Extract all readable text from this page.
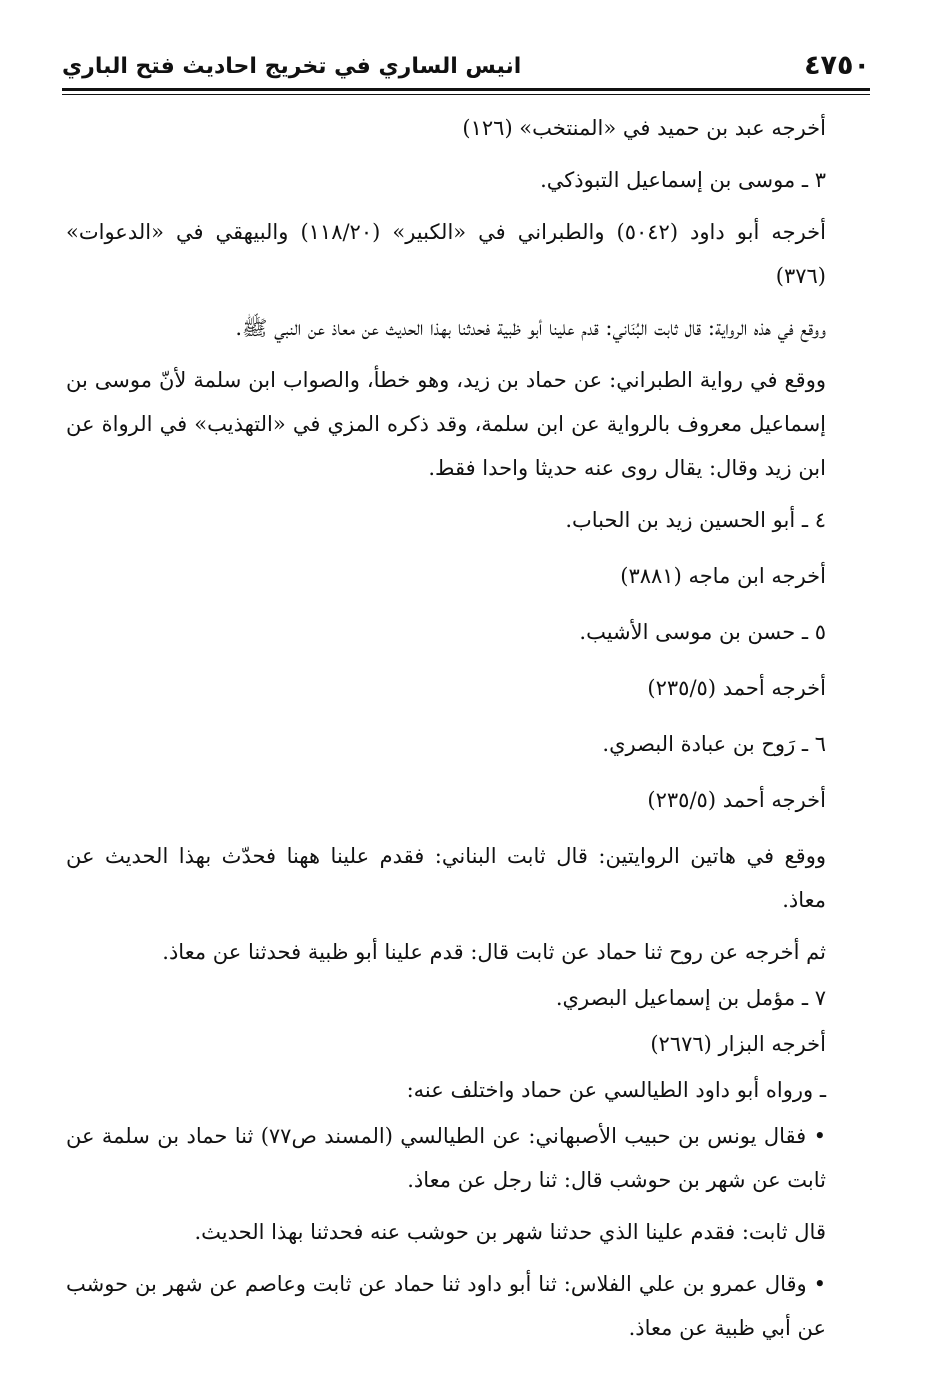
٤٧٥٠
انيس الساري في تخريج احاديث فتح الباري

أخرجه عبد بن حميد في «المنتخب» (١٢٦)

٣ ـ موسى بن إسماعيل التبوذكي.

أخرجه أبو داود (٥٠٤٢) والطبراني في «الكبير» (١١٨/٢٠) والبيهقي في «الدعوات» (٣٧٦)

ووقع في هذه الرواية: قال ثابت البُنَاني: قدم علينا أبو ظبية فحدثنا بهذا الحديث عن معاذ عن النبي ﷺ.

ووقع في رواية الطبراني: عن حماد بن زيد، وهو خطأ، والصواب ابن سلمة لأنّ موسى بن إسماعيل معروف بالرواية عن ابن سلمة، وقد ذكره المزي في «التهذيب» في الرواة عن ابن زيد وقال: يقال روى عنه حديثا واحدا فقط.

٤ ـ أبو الحسين زيد بن الحباب.

أخرجه ابن ماجه (٣٨٨١)

٥ ـ حسن بن موسى الأشيب.

أخرجه أحمد (٢٣٥/٥)

٦ ـ رَوح بن عبادة البصري.

أخرجه أحمد (٢٣٥/٥)

ووقع في هاتين الروايتين: قال ثابت البناني: فقدم علينا ههنا فحدّث بهذا الحديث عن معاذ.

ثم أخرجه عن روح ثنا حماد عن ثابت قال: قدم علينا أبو ظبية فحدثنا عن معاذ.

٧ ـ مؤمل بن إسماعيل البصري.

أخرجه البزار (٢٦٧٦)

ـ ورواه أبو داود الطيالسي عن حماد واختلف عنه:

• فقال يونس بن حبيب الأصبهاني: عن الطيالسي (المسند ص٧٧) ثنا حماد بن سلمة عن ثابت عن شهر بن حوشب قال: ثنا رجل عن معاذ.

قال ثابت: فقدم علينا الذي حدثنا شهر بن حوشب عنه فحدثنا بهذا الحديث.

• وقال عمرو بن علي الفلاس: ثنا أبو داود ثنا حماد عن ثابت وعاصم عن شهر بن حوشب عن أبي ظبية عن معاذ.
